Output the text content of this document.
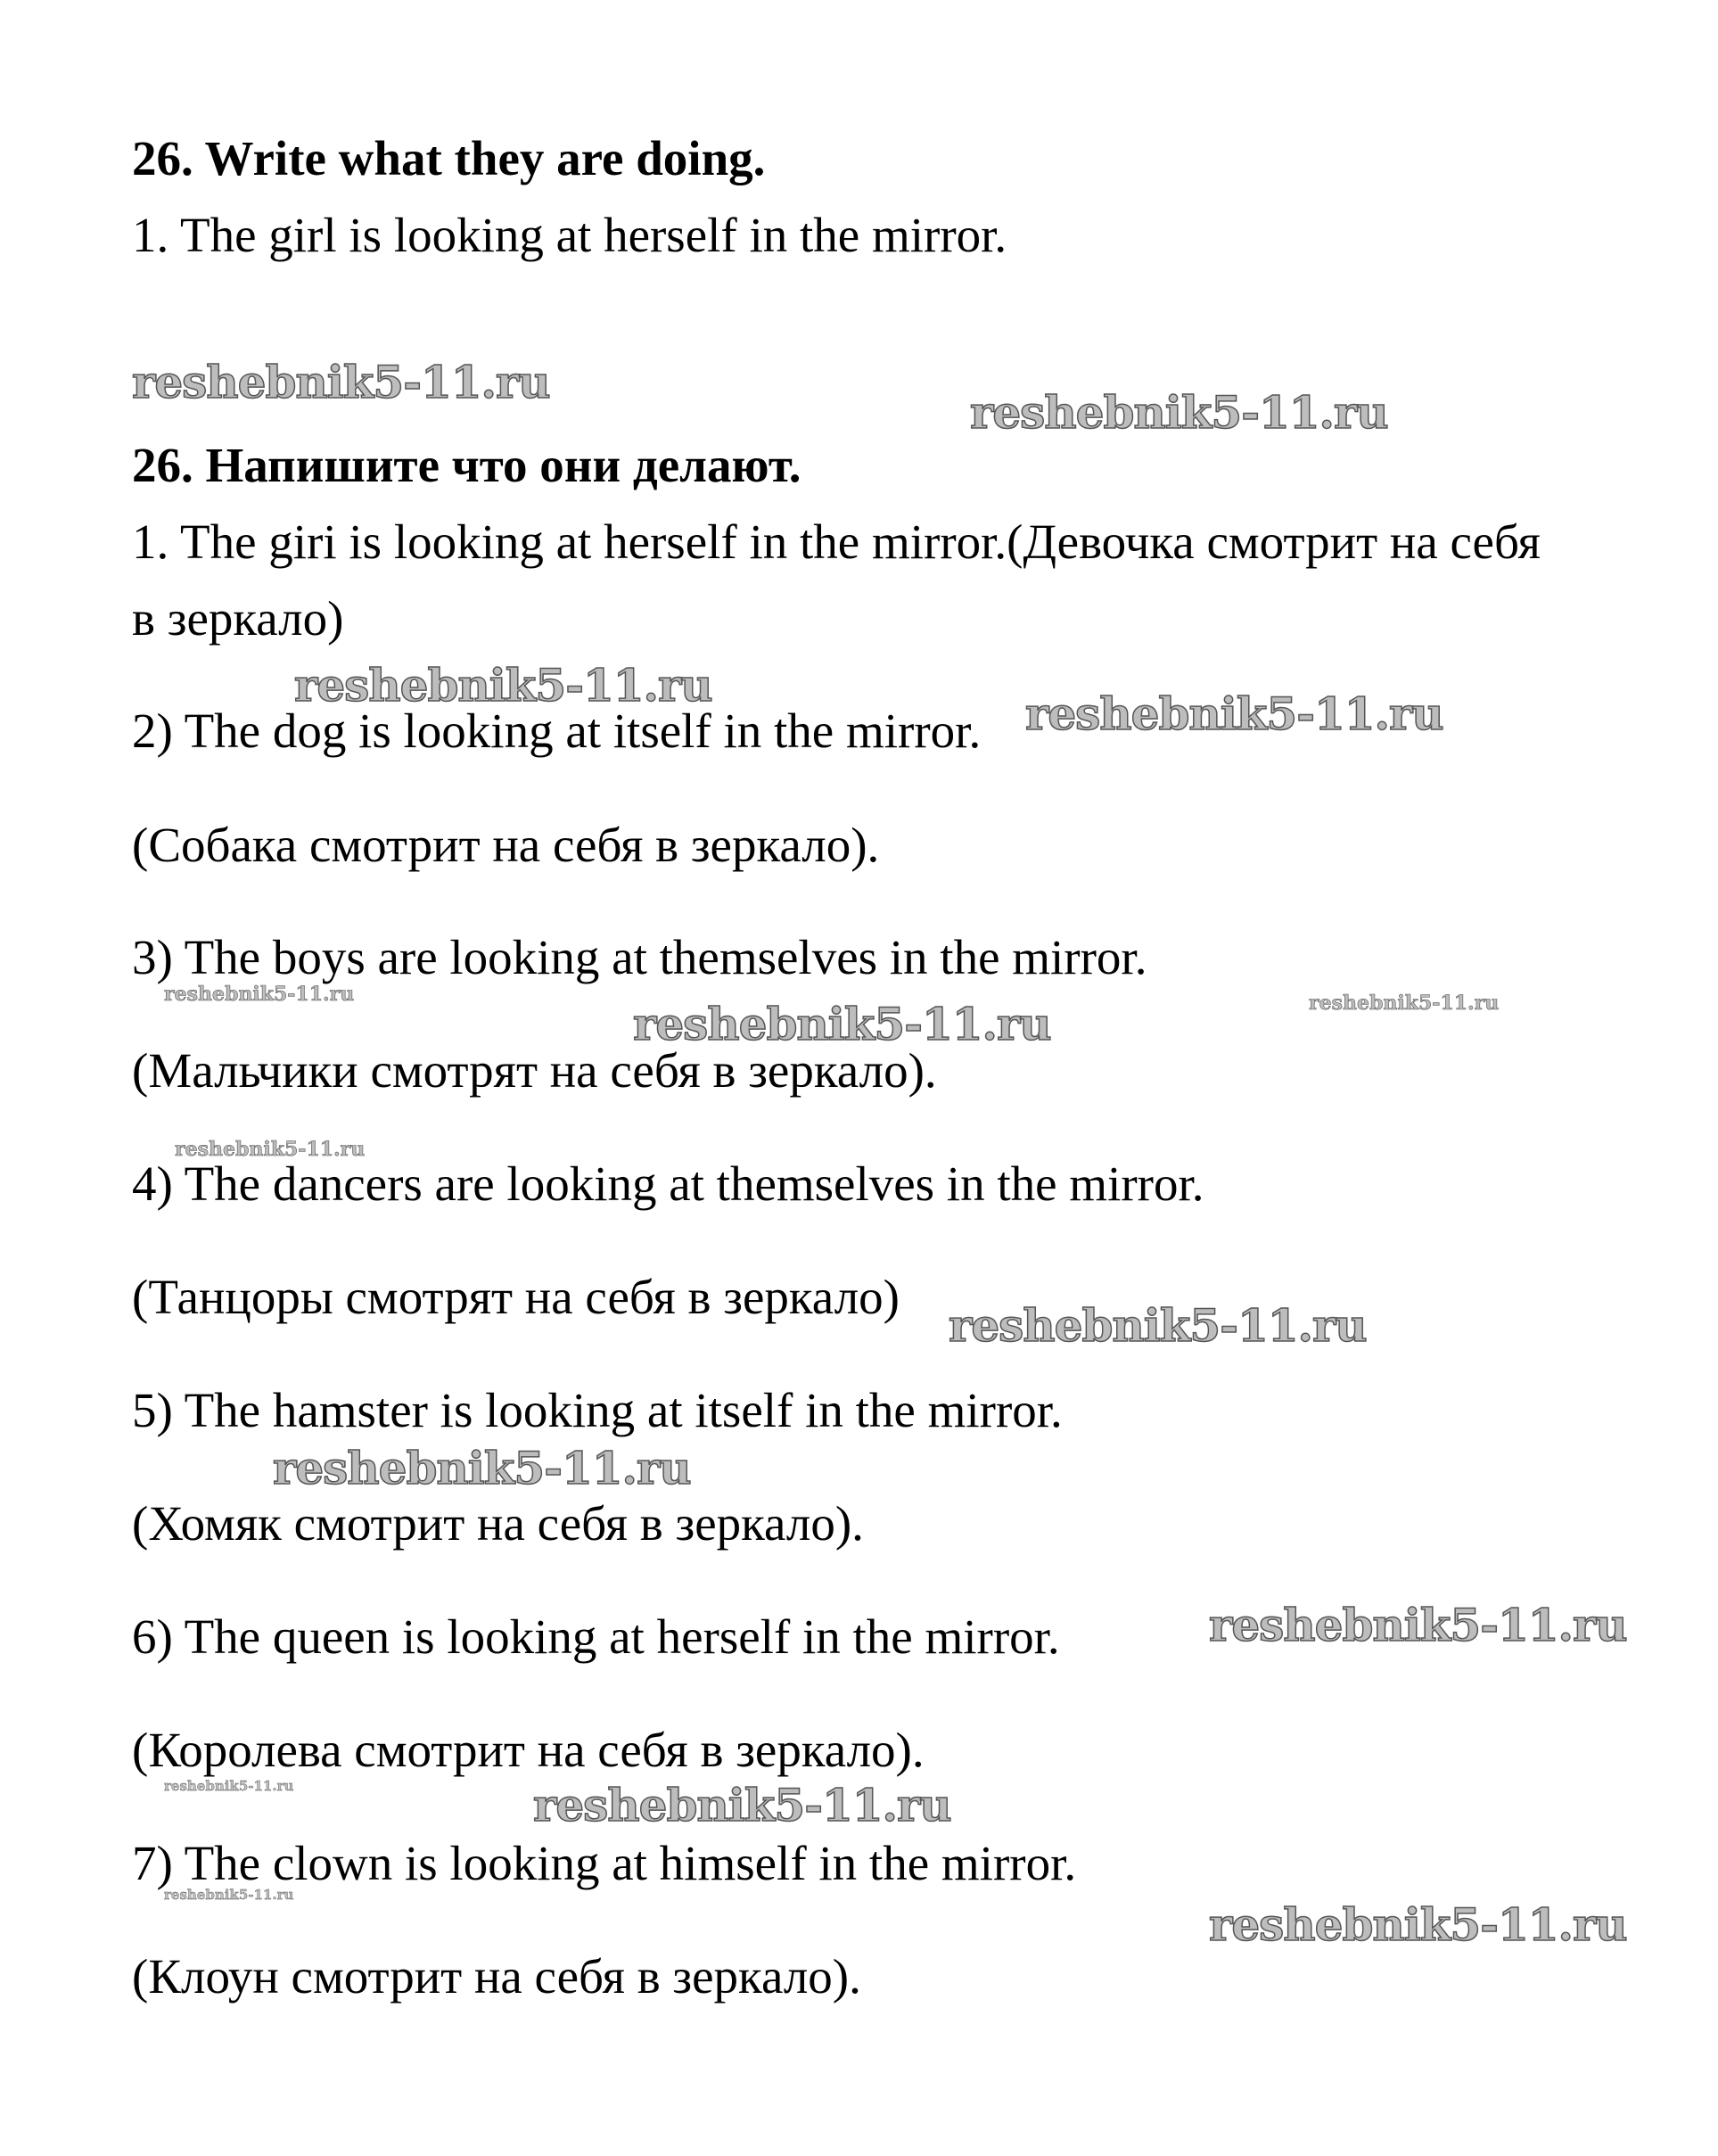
26. Write what they are doing.
1. The girl is looking at herself in the mirror.
26. Напишите что они делают.
1. The giri is looking at herself in the mirror.(Девочка смотрит на себя
в зеркало)
2) The dog is looking at itself in the mirror.
(Собака смотрит на себя в зеркало).
3) The boys are looking at themselves in the mirror.
(Мальчики смотрят на себя в зеркало).
4) The dancers are looking at themselves in the mirror.
(Танцоры смотрят на себя в зеркало)
5) The hamster is looking at itself in the mirror.
(Хомяк смотрит на себя в зеркало).
6) The queen is looking at herself in the mirror.
(Королева смотрит на себя в зеркало).
7) The clown is looking at himself in the mirror.
(Клоун смотрит на себя в зеркало).
reshebnik5-11.ru
reshebnik5-11.ru
reshebnik5-11.ru
reshebnik5-11.ru
reshebnik5-11.ru
reshebnik5-11.ru	reshebnik5-11.ru
reshebnik5-11.ru
reshebnik5-11.ru
reshebnik5-11.ru
reshebnik5-11.ru
reshebnik5-11.ru	reshebnik5-11.ru
reshebnik5-11.ru
reshebnik5-11.ru
